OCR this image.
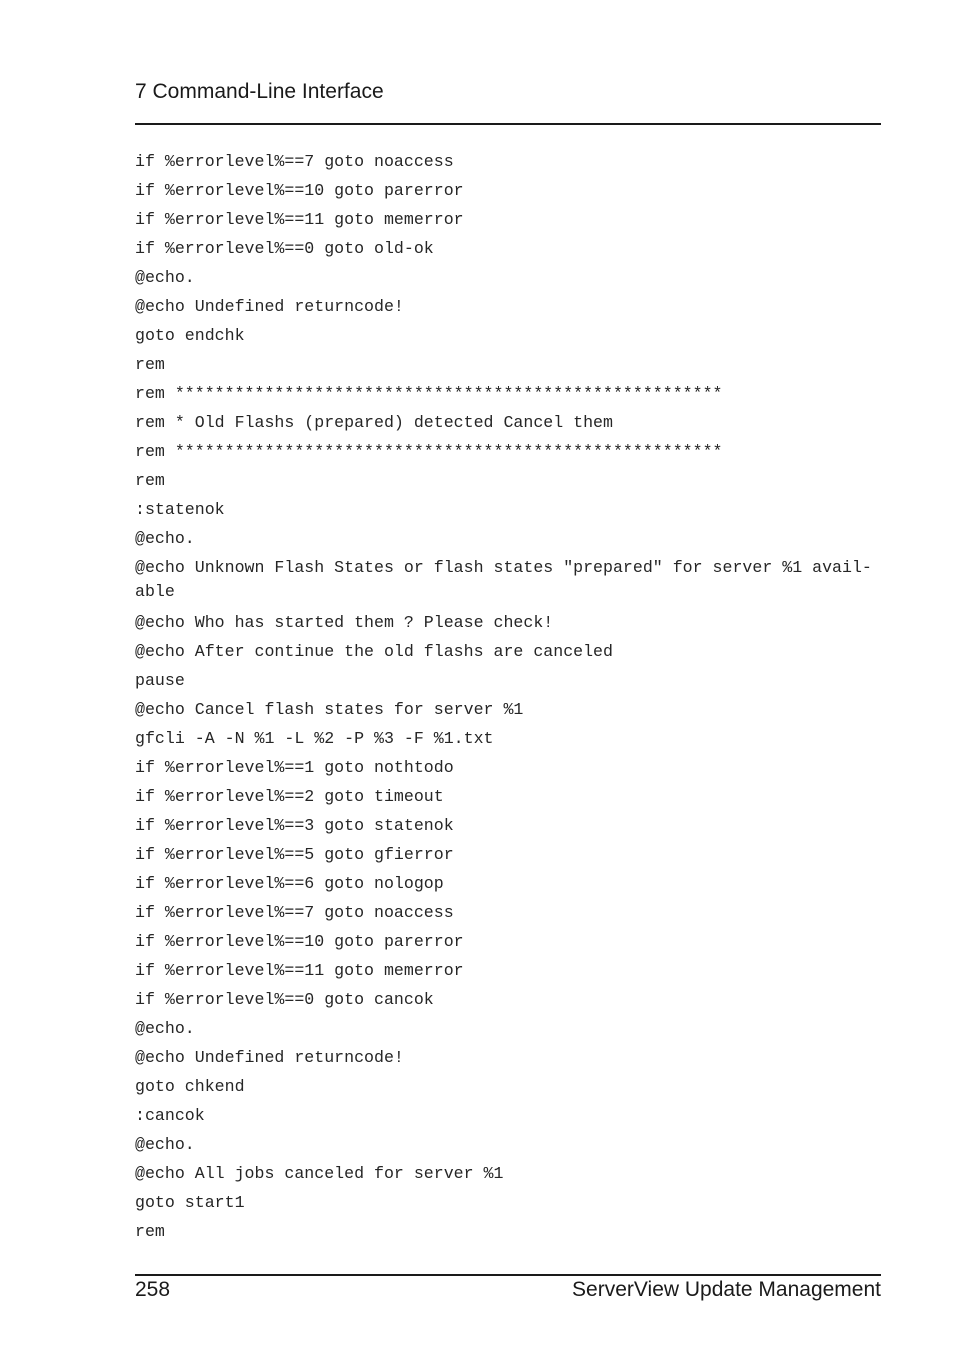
7 Command-Line Interface
if %errorlevel%==7 goto noaccess
if %errorlevel%==10 goto parerror
if %errorlevel%==11 goto memerror
if %errorlevel%==0 goto old-ok
@echo.
@echo Undefined returncode!
goto endchk
rem
rem *******************************************************
rem * Old Flashs (prepared) detected Cancel them
rem *******************************************************
rem
:statenok
@echo.
@echo Unknown Flash States or flash states "prepared" for server %1 avail-
able
@echo Who has started them ? Please check!
@echo After continue the old flashs are canceled
pause
@echo Cancel flash states for server %1
gfcli -A -N %1 -L %2 -P %3 -F %1.txt
if %errorlevel%==1 goto nothtodo
if %errorlevel%==2 goto timeout
if %errorlevel%==3 goto statenok
if %errorlevel%==5 goto gfierror
if %errorlevel%==6 goto nologop
if %errorlevel%==7 goto noaccess
if %errorlevel%==10 goto parerror
if %errorlevel%==11 goto memerror
if %errorlevel%==0 goto cancok
@echo.
@echo Undefined returncode!
goto chkend
:cancok
@echo.
@echo All jobs canceled for server %1
goto start1
rem
258	ServerView Update Management
